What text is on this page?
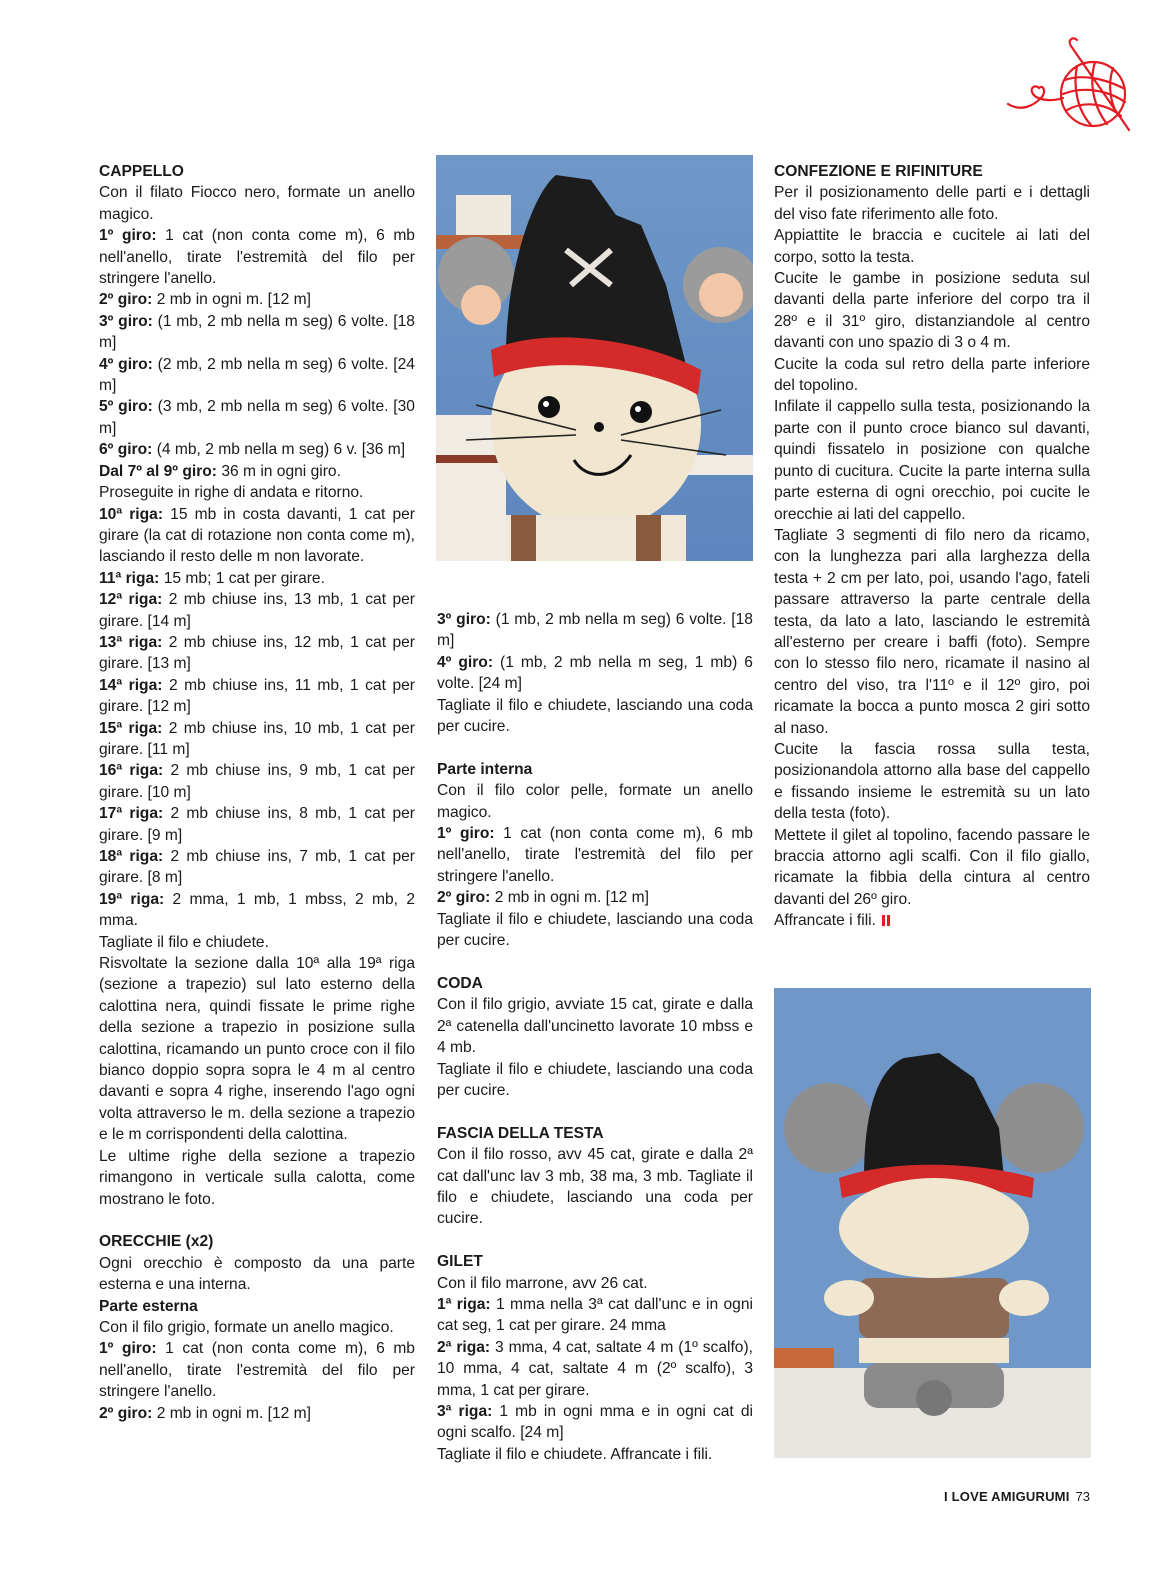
CAPPELLO

Con il filato Fiocco nero, formate un anello magico.

1º giro: 1 cat (non conta come m), 6 mb nell'anello, tirate l'estremità del filo per stringere l'anello.

2º giro: 2 mb in ogni m. [12 m]

3º giro: (1 mb, 2 mb nella m seg) 6 volte. [18 m]

4º giro: (2 mb, 2 mb nella m seg) 6 volte. [24 m]

5º giro: (3 mb, 2 mb nella m seg) 6 volte. [30 m]

6º giro: (4 mb, 2 mb nella m seg) 6 v. [36 m]

Dal 7º al 9º giro: 36 m in ogni giro.

Proseguite in righe di andata e ritorno.

10ª riga: 15 mb in costa davanti, 1 cat per girare (la cat di rotazione non conta come m), lasciando il resto delle m non lavorate.

11ª riga: 15 mb; 1 cat per girare.

12ª riga: 2 mb chiuse ins, 13 mb, 1 cat per girare. [14 m]

13ª riga: 2 mb chiuse ins, 12 mb, 1 cat per girare. [13 m]

14ª riga: 2 mb chiuse ins, 11 mb, 1 cat per girare. [12 m]

15ª riga: 2 mb chiuse ins, 10 mb, 1 cat per girare. [11 m]

16ª riga: 2 mb chiuse ins, 9 mb, 1 cat per girare. [10 m]

17ª riga: 2 mb chiuse ins, 8 mb, 1 cat per girare. [9 m]

18ª riga: 2 mb chiuse ins, 7 mb, 1 cat per girare. [8 m]

19ª riga: 2 mma, 1 mb, 1 mbss, 2 mb, 2 mma.

Tagliate il filo e chiudete.

Risvoltate la sezione dalla 10ª alla 19ª riga (sezione a trapezio) sul lato esterno della calottina nera, quindi fissate le prime righe della sezione a trapezio in posizione sulla calottina, ricamando un punto croce con il filo bianco doppio sopra sopra le 4 m al centro davanti e sopra 4 righe, inserendo l'ago ogni volta attraverso le m. della sezione a trapezio e le m corrispondenti della calottina.

Le ultime righe della sezione a trapezio rimangono in verticale sulla calotta, come mostrano le foto.

ORECCHIE (x2)

Ogni orecchio è composto da una parte esterna e una interna.

Parte esterna

Con il filo grigio, formate un anello magico.

1º giro: 1 cat (non conta come m), 6 mb nell'anello, tirate l'estremità del filo per stringere l'anello.

2º giro: 2 mb in ogni m. [12 m]

3º giro: (1 mb, 2 mb nella m seg) 6 volte. [18 m]

4º giro: (1 mb, 2 mb nella m seg, 1 mb) 6 volte. [24 m]

Tagliate il filo e chiudete, lasciando una coda per cucire.

Parte interna

Con il filo color pelle, formate un anello magico.

1º giro: 1 cat (non conta come m), 6 mb nell'anello, tirate l'estremità del filo per stringere l'anello.

2º giro: 2 mb in ogni m. [12 m]

Tagliate il filo e chiudete, lasciando una coda per cucire.

CODA

Con il filo grigio, avviate 15 cat, girate e dalla 2ª catenella dall'uncinetto lavorate 10 mbss e 4 mb.

Tagliate il filo e chiudete, lasciando una coda per cucire.

FASCIA DELLA TESTA

Con il filo rosso, avv 45 cat, girate e dalla 2ª cat dall'unc lav 3 mb, 38 ma, 3 mb. Tagliate il filo e chiudete, lasciando una coda per cucire.

GILET

Con il filo marrone, avv 26 cat.

1ª riga: 1 mma nella 3ª cat dall'unc e in ogni cat seg, 1 cat per girare. 24 mma

2ª riga: 3 mma, 4 cat, saltate 4 m (1º scalfo), 10 mma, 4 cat, saltate 4 m (2º scalfo), 3 mma, 1 cat per girare.

3ª riga: 1 mb in ogni mma e in ogni cat di ogni scalfo. [24 m]

Tagliate il filo e chiudete. Affrancate i fili.

CONFEZIONE E RIFINITURE

Per il posizionamento delle parti e i dettagli del viso fate riferimento alle foto.

Appiattite le braccia e cucitele ai lati del corpo, sotto la testa.

Cucite le gambe in posizione seduta sul davanti della parte inferiore del corpo tra il 28º e il 31º giro, distanziandole al centro davanti con uno spazio di 3 o 4 m.

Cucite la coda sul retro della parte inferiore del topolino.

Infilate il cappello sulla testa, posizionando la parte con il punto croce bianco sul davanti, quindi fissatelo in posizione con qualche punto di cucitura. Cucite la parte interna sulla parte esterna di ogni orecchio, poi cucite le orecchie ai lati del cappello.

Tagliate 3 segmenti di filo nero da ricamo, con la lunghezza pari alla larghezza della testa + 2 cm per lato, poi, usando l'ago, fateli passare attraverso la parte centrale della testa, da lato a lato, lasciando le estremità all'esterno per creare i baffi (foto). Sempre con lo stesso filo nero, ricamate il nasino al centro del viso, tra l'11º e il 12º giro, poi ricamate la bocca a punto mosca 2 giri sotto al naso.

Cucite la fascia rossa sulla testa, posizionandola attorno alla base del cappello e fissando insieme le estremità su un lato della testa (foto).

Mettete il gilet al topolino, facendo passare le braccia attorno agli scalfi. Con il filo giallo, ricamate la fibbia della cintura al centro davanti del 26º giro.

Affrancate i fili.

I LOVE AMIGURUMI 73
